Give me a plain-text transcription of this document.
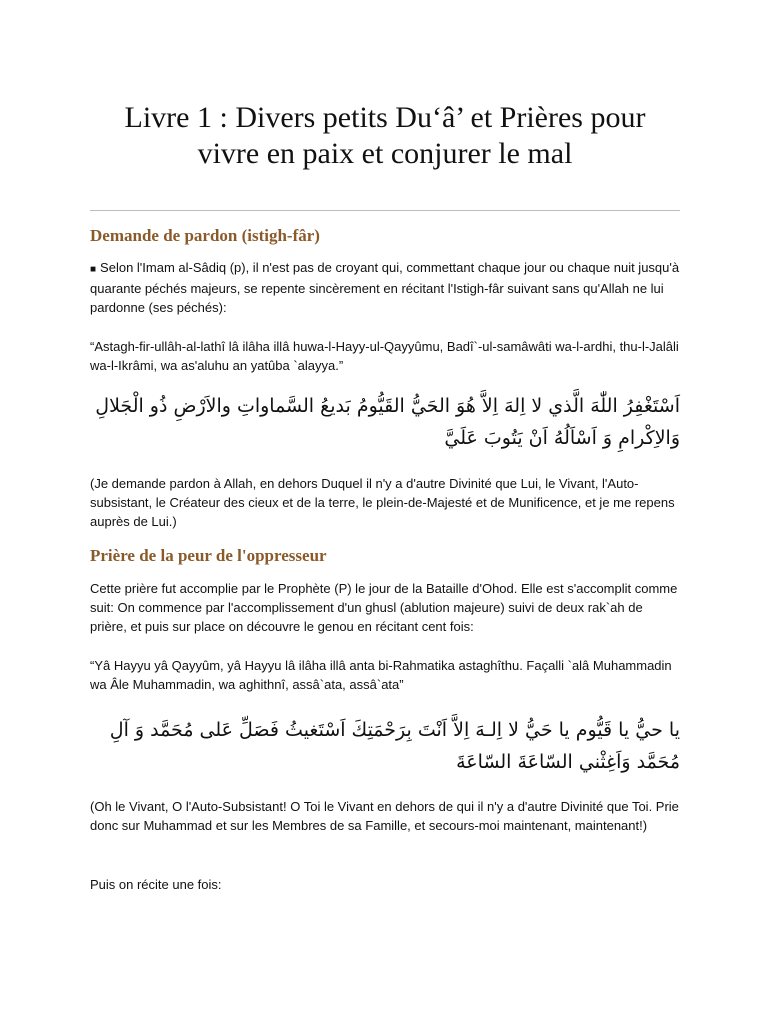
Livre 1 : Divers petits Du‘â’ et Prières pour vivre en paix et conjurer le mal
Demande de pardon (istigh-fâr)

■ Selon l'Imam al-Sâdiq (p), il n'est pas de croyant qui, commettant chaque jour ou chaque nuit jusqu'à quarante péchés majeurs, se repente sincèrement en récitant l'Istigh-fâr suivant sans qu'Allah ne lui pardonne (ses péchés):

“Astagh-fir-ullâh-al-lathî lâ ilâha illâ huwa-l-Hayy-ul-Qayyûmu, Badî`-ul-samâwâti wa-l-ardhi, thu-l-Jalâli wa-l-Ikrâmi, wa as'aluhu an yatûba `alayya.”

اَسْتَغْفِرُ اللّٰهَ الَّذي لا اِلهَ اِلاَّ هُوَ الحَيُّ القَيُّومُ بَديعُ السَّماواتِ والاَرْضِ ذُو الْجَلالِ وَالاِكْرامِ وَ اَسْاَلُهُ اَنْ يَتُوبَ عَلَيَّ

(Je demande pardon à Allah, en dehors Duquel il n'y a d'autre Divinité que Lui, le Vivant, l'Auto-subsistant, le Créateur des cieux et de la terre, le plein-de-Majesté et de Munificence, et je me repens auprès de Lui.)

Prière de la peur de l'oppresseur

Cette prière fut accomplie par le Prophète (P) le jour de la Bataille d'Ohod. Elle est s'accomplit comme suit: On commence par l'accomplissement d'un ghusl (ablution majeure) suivi de deux rak`ah de prière, et puis sur place on découvre le genou en récitant cent fois:

“Yâ Hayyu yâ Qayyûm, yâ Hayyu lâ ilâha illâ anta bi-Rahmatika astaghîthu. Façalli `alâ Muhammadin wa Âle Muhammadin, wa aghithnî, assâ`ata, assâ`ata”

يا حيُّ يا قَيُّوم يا حَيُّ لا اِلـهَ اِلاَّ اَنْتَ بِرَحْمَتِكَ اَسْتَغيثُ فَصَلِّ عَلى مُحَمَّد وَ آلِ مُحَمَّد وَاَغِثْني السّاعَةَ السّاعَةَ

(Oh le Vivant, O l'Auto-Subsistant! O Toi le Vivant en dehors de qui il n'y a d'autre Divinité que Toi. Prie donc sur Muhammad et sur les Membres de sa Famille, et secours-moi maintenant, maintenant!)

Puis on récite une fois:
